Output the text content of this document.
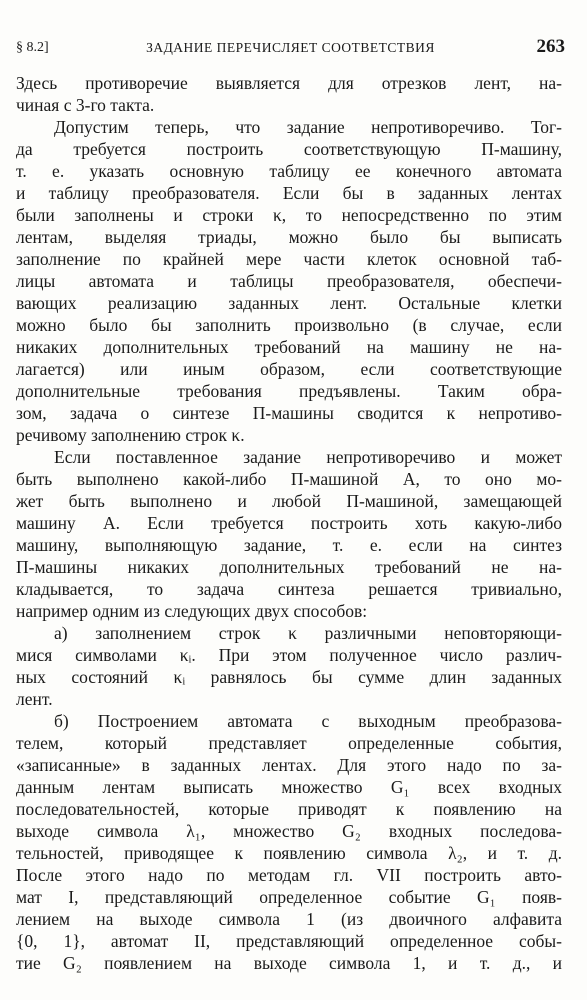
§ 8.2]	ЗАДАНИЕ ПЕРЕЧИСЛЯЕТ СООТВЕТСТВИЯ	263
Здесь противоречие выявляется для отрезков лент, на-
чиная с 3-го такта.
Допустим теперь, что задание непротиворечиво. Тог-
да требуется построить соответствующую П-машину,
т. е. указать основную таблицу ее конечного автомата
и таблицу преобразователя. Если бы в заданных лентах
были заполнены и строки κ, то непосредственно по этим
лентам, выделяя триады, можно было бы выписать
заполнение по крайней мере части клеток основной таб-
лицы автомата и таблицы преобразователя, обеспечи-
вающих реализацию заданных лент. Остальные клетки
можно было бы заполнить произвольно (в случае, если
никаких дополнительных требований на машину не на-
лагается) или иным образом, если соответствующие
дополнительные требования предъявлены. Таким обра-
зом, задача о синтезе П-машины сводится к непротиво-
речивому заполнению строк κ.
Если поставленное задание непротиворечиво и может
быть выполнено какой-либо П-машиной А, то оно мо-
жет быть выполнено и любой П-машиной, замещающей
машину А. Если требуется построить хоть какую-либо
машину, выполняющую задание, т. е. если на синтез
П-машины никаких дополнительных требований не на-
кладывается, то задача синтеза решается тривиально,
например одним из следующих двух способов:
а) заполнением строк κ различными неповторяющи-
мися символами κᵢ. При этом полученное число различ-
ных состояний κᵢ равнялось бы сумме длин заданных
лент.
б) Построением автомата с выходным преобразова-
телем, который представляет определенные события,
«записанные» в заданных лентах. Для этого надо по за-
данным лентам выписать множество G₁ всех входных
последовательностей, которые приводят к появлению на
выходе символа λ₁, множество G₂ входных последова-
тельностей, приводящее к появлению символа λ₂, и т. д.
После этого надо по методам гл. VII построить авто-
мат I, представляющий определенное событие G₁ появ-
лением на выходе символа 1 (из двоичного алфавита
{0, 1}, автомат II, представляющий определенное собы-
тие G₂ появлением на выходе символа 1, и т. д., и
